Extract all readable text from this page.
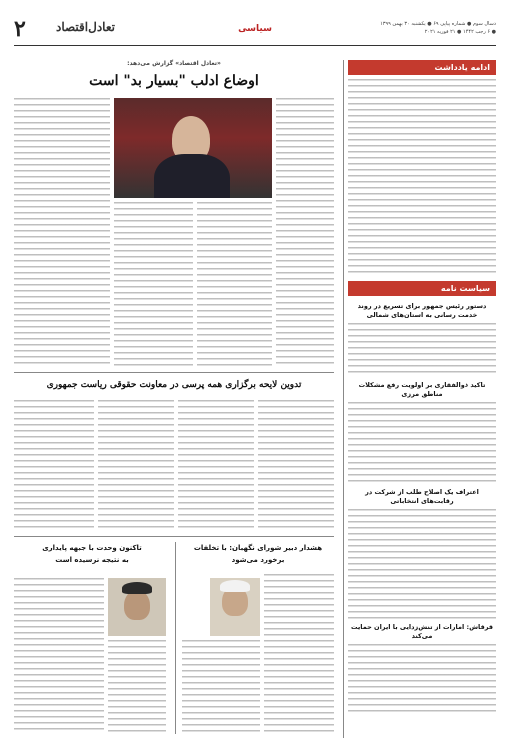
۲	تعادل‌اقتصاد	سیاسی	دسال سوم ● شماره پیاپی ۶۹ ● یکشنبه ۳۰ بهمن ۱۳۹۹
● ۶ رجب ۱۴۴۲ ● ۲۱ فوریه ۲۰۲۱
ادامه یادداشت
سیاست نامه
دستور رئیس جمهور برای تسریع در روند خدمت رسانی به استان‌های شمالی
تاکید ذوالفقاری بر اولویت رفع مشکلات مناطق مرزی
اعتراف یک اصلاح طلب از شرکت در رقابت‌های انتخاباتی
قرقاش: امارات از تنش‌زدایی با ایران حمایت می‌کند
«تعادل اقتصاد» گزارش می‌دهد:
اوضاع ادلب "بسیار بد" است
تدوین لایحه برگزاری همه پرسی در معاونت حقوقی ریاست جمهوری
هشدار دبیر شورای نگهبان: با تخلفات
برخورد می‌شود
تاکنون وحدت با جبهه پایداری
به نتیجه نرسیده است
